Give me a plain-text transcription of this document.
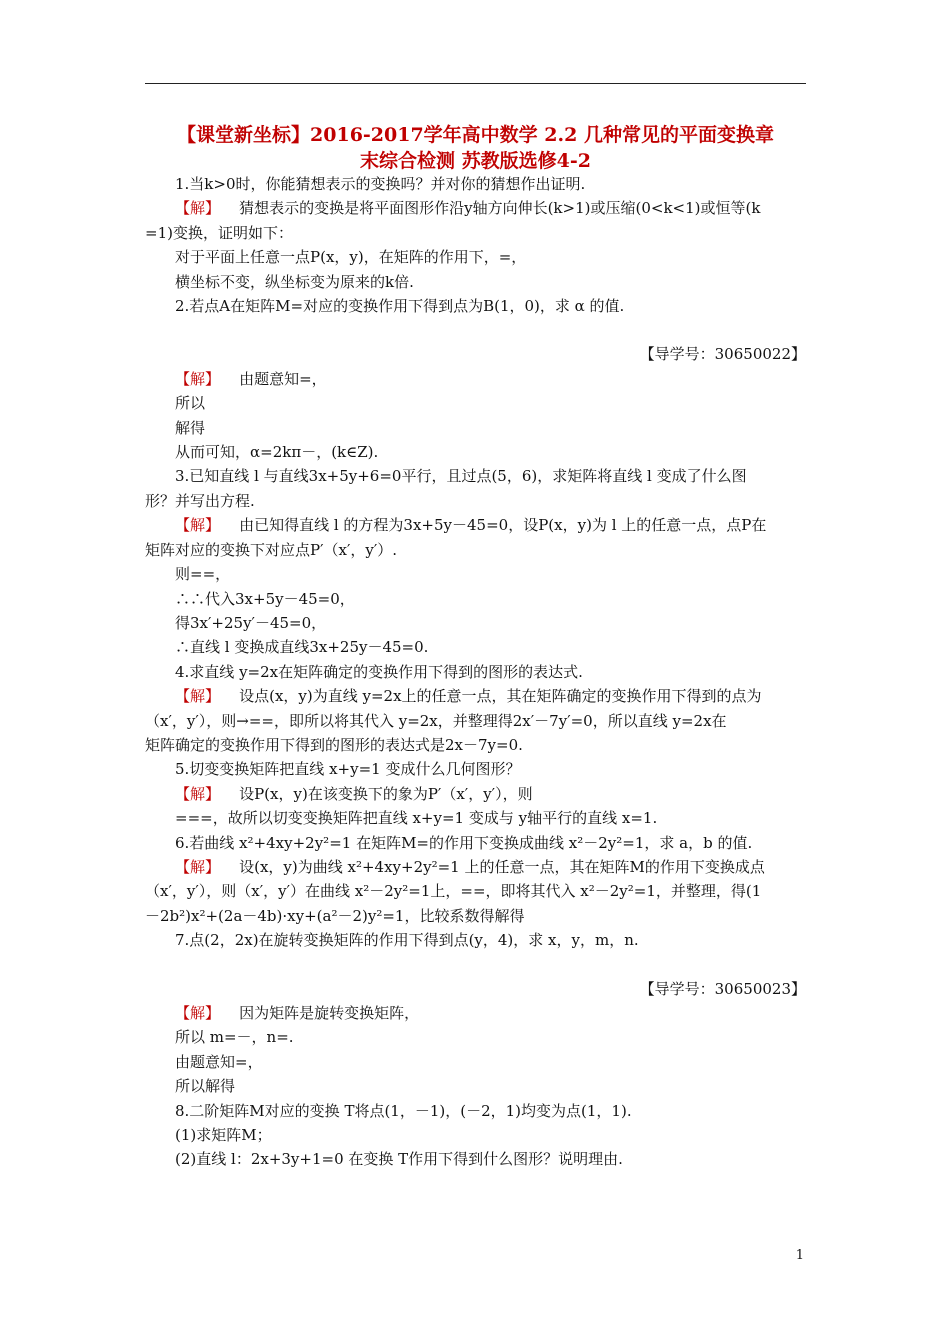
【课堂新坐标】2016-2017学年高中数学 2.2 几种常见的平面变换章
末综合检测 苏教版选修4-2

1.当k>0时，你能猜想表示的变换吗？并对你的猜想作出证明.

【解】 猜想表示的变换是将平面图形作沿y轴方向伸长(k>1)或压缩(0<k<1)或恒等(k

=1)变换，证明如下：

对于平面上任意一点P(x，y)，在矩阵的作用下，=，

横坐标不变，纵坐标变为原来的k倍.

2.若点A在矩阵M=对应的变换作用下得到点为B(1，0)，求 α 的值.

【导学号：30650022】

【解】 由题意知=，

所以

解得

从而可知，α=2kπ－，(k∈Z).

3.已知直线 l 与直线3x+5y+6=0平行，且过点(5，6)，求矩阵将直线 l 变成了什么图

形？并写出方程.

【解】 由已知得直线 l 的方程为3x+5y－45=0，设P(x，y)为 l 上的任意一点，点P在

矩阵对应的变换下对应点P′（x′，y′）.

则==，

∴∴代入3x+5y－45=0，

得3x′+25y′－45=0，

∴直线 l 变换成直线3x+25y－45=0.

4.求直线 y=2x在矩阵确定的变换作用下得到的图形的表达式.

【解】 设点(x，y)为直线 y=2x上的任意一点，其在矩阵确定的变换作用下得到的点为

（x′，y′），则→==，即所以将其代入 y=2x，并整理得2x′－7y′=0，所以直线 y=2x在

矩阵确定的变换作用下得到的图形的表达式是2x－7y=0.

5.切变变换矩阵把直线 x+y=1 变成什么几何图形？

【解】 设P(x，y)在该变换下的象为P′（x′，y′），则

===，故所以切变变换矩阵把直线 x+y=1 变成与 y轴平行的直线 x=1.

6.若曲线 x²+4xy+2y²=1 在矩阵M=的作用下变换成曲线 x²－2y²=1，求 a，b 的值.

【解】 设(x，y)为曲线 x²+4xy+2y²=1 上的任意一点，其在矩阵M的作用下变换成点

（x′，y′），则（x′，y′）在曲线 x²－2y²=1上，==，即将其代入 x²－2y²=1，并整理，得(1

－2b²)x²+(2a－4b)·xy+(a²－2)y²=1，比较系数得解得

7.点(2，2x)在旋转变换矩阵的作用下得到点(y，4)，求 x，y，m，n.

【导学号：30650023】

【解】 因为矩阵是旋转变换矩阵，

所以 m=－，n=.

由题意知=，

所以解得

8.二阶矩阵M对应的变换 T将点(1，－1)，(－2，1)均变为点(1，1).

(1)求矩阵M；

(2)直线 l：2x+3y+1=0 在变换 T作用下得到什么图形？说明理由.

1
